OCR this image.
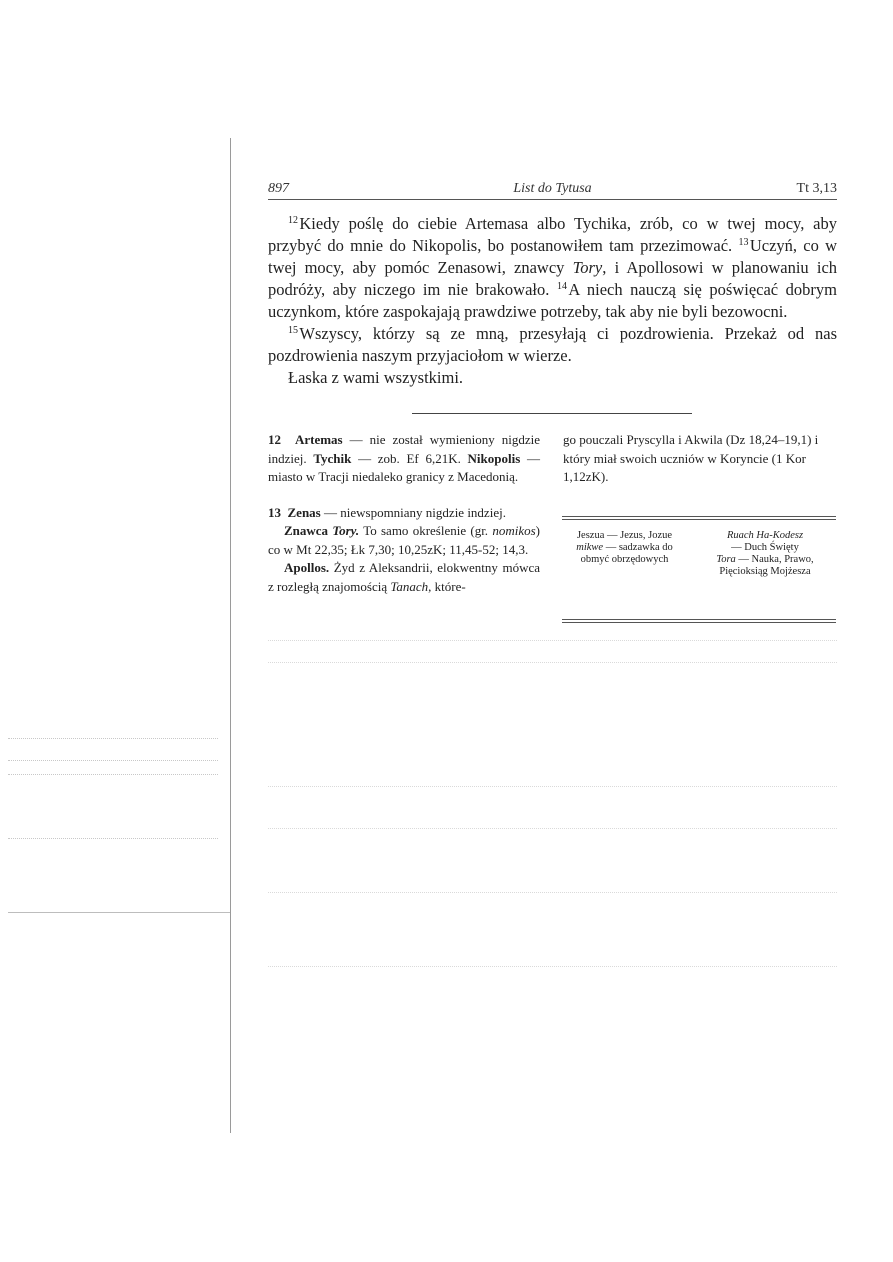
897	List do Tytusa	Tt 3,13

$^{12}$ Kiedy poślę do ciebie Artemasa albo Tychika, zrób, co w twej mocy, aby przybyć do mnie do Nikopolis, bo postanowiłem tam przezimować. $^{13}$ Uczyń, co w twej mocy, aby pomóc Zenasowi, znawcy Tory, i Apollosowi w planowaniu ich podróży, aby niczego im nie brakowało. $^{14}$ A niech nauczą się poświęcać dobrym uczynkom, które zaspokajają prawdziwe potrzeby, tak aby nie byli bezowocni.

$^{15}$ Wszyscy, którzy są ze mną, przesyłają ci pozdrowienia. Przekaż od nas pozdrowienia naszym przyjaciołom w wierze.

Łaska z wami wszystkimi.

12 Artemas — nie został wymieniony nigdzie indziej. Tychik — zob. Ef 6,21K. Nikopolis — miasto w Tracji niedaleko granicy z Macedonią.

13 Zenas — niewspomniany nigdzie indziej.

Znawca Tory. To samo określenie (gr. nomikos) co w Mt 22,35; Łk 7,30; 10,25zK; 11,45-52; 14,3.

Apollos. Żyd z Aleksandrii, elokwentny mówca z rozległą znajomością Tanach, które-

go pouczali Pryscylla i Akwila (Dz 18,24–19,1) i który miał swoich uczniów w Koryncie (1 Kor 1,12zK).

Jeszua — Jezus, Jozue
mikwe — sadzawka do
obmyć obrzędowych
Ruach Ha-Kodesz
— Duch Święty
Tora — Nauka, Prawo,
Pięcioksiąg Mojżesza
